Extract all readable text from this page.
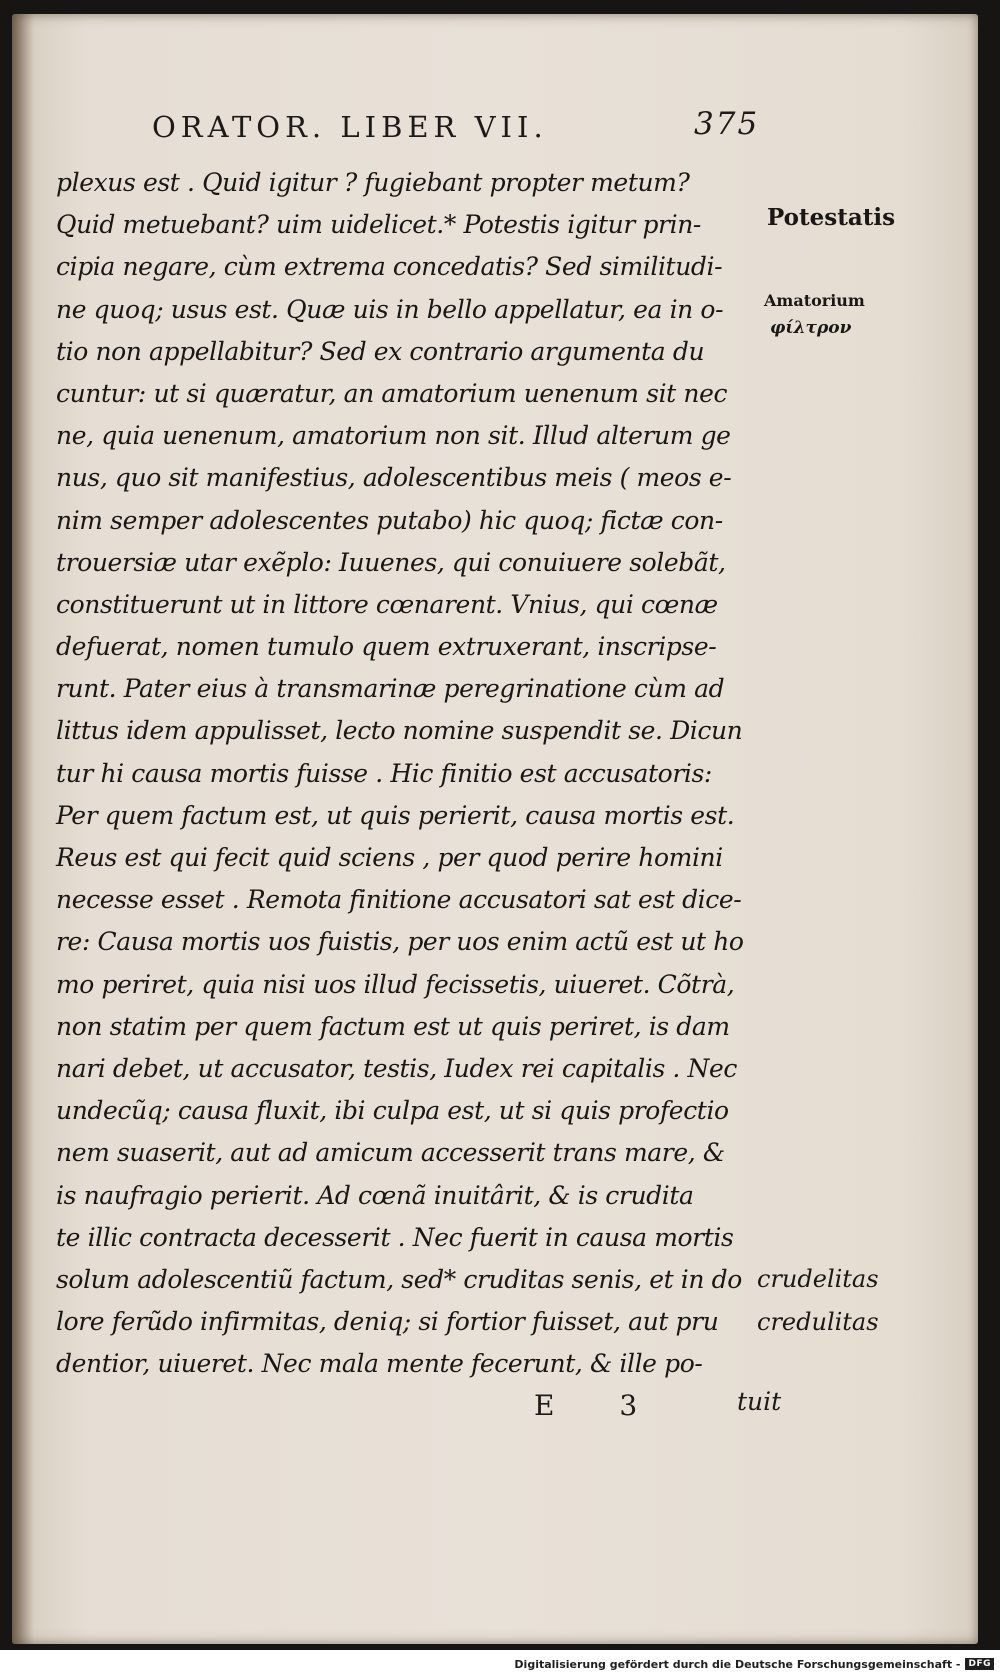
ORATOR. LIBER VII.	375
plexus est . Quid igitur ? fugiebant propter metum?
Quid metuebant? uim uidelicet.* Potestis igitur prin-
cipia negare, cùm extrema concedatis? Sed similitudi-
ne quoq; usus est. Quæ uis in bello appellatur, ea in o-
tio non appellabitur? Sed ex contrario argumenta du
cuntur: ut si quæratur, an amatorium uenenum sit nec
ne, quia uenenum, amatorium non sit. Illud alterum ge
nus, quo sit manifestius, adolescentibus meis ( meos e-
nim semper adolescentes putabo) hic quoq; fictæ con-
trouersiæ utar exẽplo: Iuuenes, qui conuiuere solebãt,
constituerunt ut in littore cœnarent. Vnius, qui cœnæ
defuerat, nomen tumulo quem extruxerant, inscripse-
runt. Pater eius à transmarinæ peregrinatione cùm ad
littus idem appulisset, lecto nomine suspendit se. Dicun
tur hi causa mortis fuisse . Hic finitio est accusatoris:
Per quem factum est, ut quis perierit, causa mortis est.
Reus est qui fecit quid sciens , per quod perire homini
necesse esset . Remota finitione accusatori sat est dice-
re: Causa mortis uos fuistis, per uos enim actũ est ut ho
mo periret, quia nisi uos illud fecissetis, uiueret. Cõtrà,
non statim per quem factum est ut quis periret, is dam
nari debet, ut accusator, testis, Iudex rei capitalis . Nec
undecũq; causa fluxit, ibi culpa est, ut si quis profectio
nem suaserit, aut ad amicum accesserit trans mare, &
is naufragio perierit. Ad cœnã inuitârit, & is crudita
te illic contracta decesserit . Nec fuerit in causa mortis
solum adolescentiũ factum, sed* cruditas senis, et in do
lore ferũdo infirmitas, deniq; si fortior fuisset, aut pru
dentior, uiueret. Nec mala mente fecerunt, & ille po-
Potestatis
Amatorium
φίλτρον
crudelitas
credulitas
E 3	tuit
Digitalisierung gefördert durch die Deutsche Forschungsgemeinschaft - DFG
